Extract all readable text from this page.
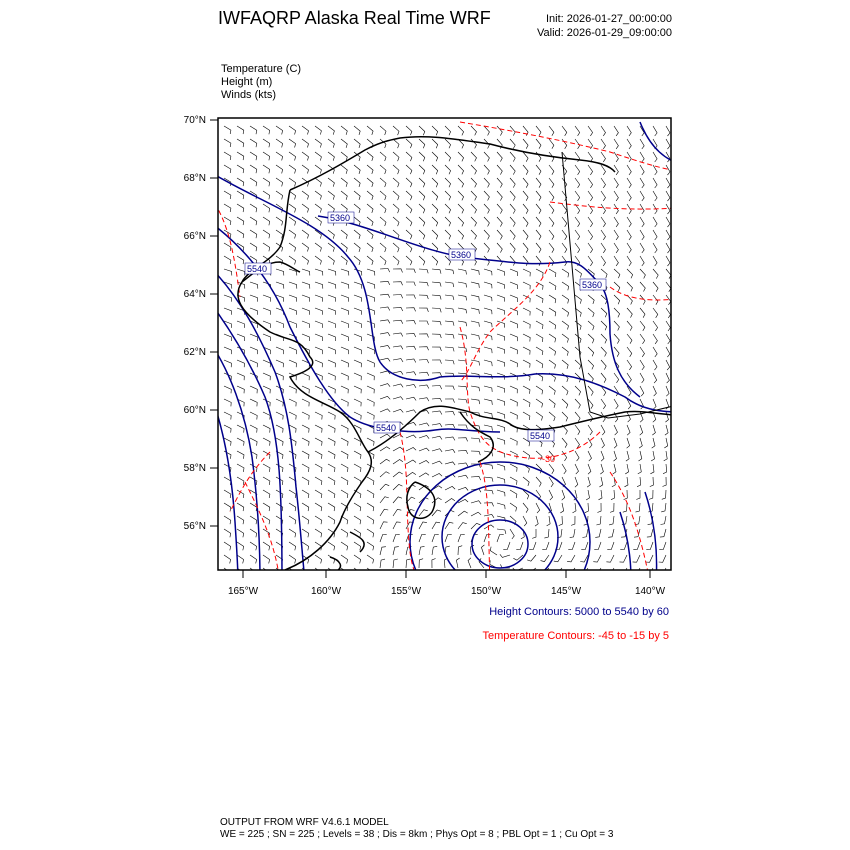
IWFAQRP Alaska Real Time WRF	Init: 2026-01-27_00:00:00
Valid: 2026-01-29_09:00:00
Temperature (C)
Height (m)
Winds (kts)
5360
5360
5360
5540
5540
5540
-30
70°N
68°N
66°N
64°N
62°N
60°N
58°N
56°N
165°W	160°W	155°W	150°W	145°W	140°W
Height Contours: 5000 to 5540 by 60
Temperature Contours: -45 to -15 by 5
OUTPUT FROM WRF V4.6.1 MODEL
WE = 225 ; SN = 225 ; Levels = 38 ; Dis = 8km ; Phys Opt = 8 ; PBL Opt = 1 ; Cu Opt = 3
